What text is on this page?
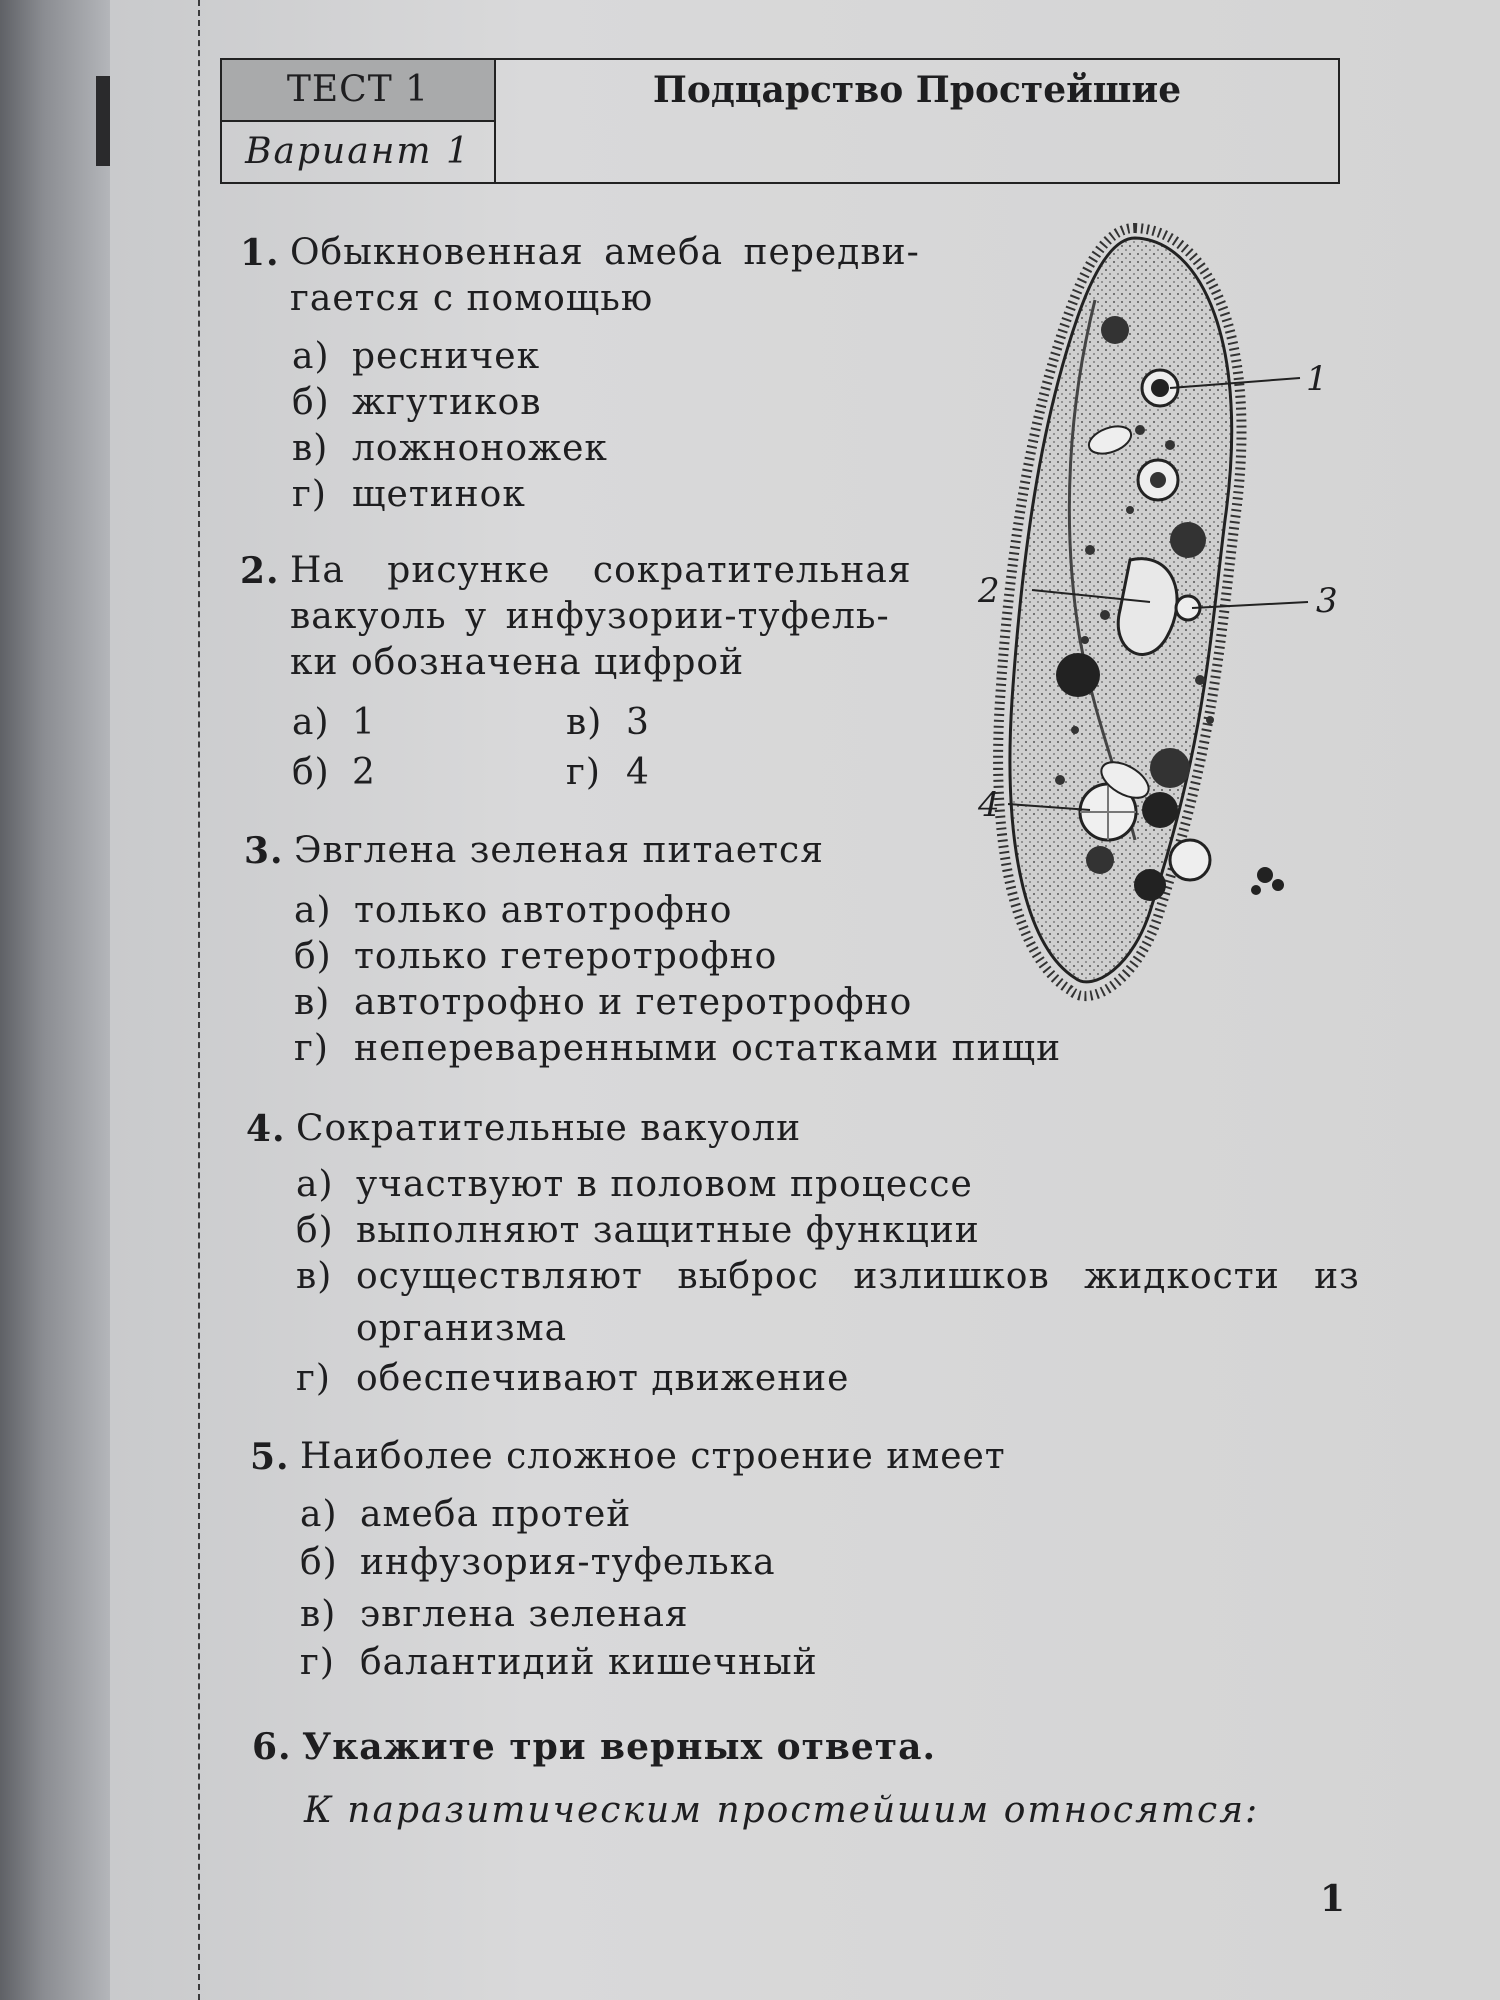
ТЕСТ 1
Вариант 1
Подцарство Простейшие
1. Обыкновенная амеба передви-
гается с помощью
а) ресничек
б) жгутиков
в) ложноножек
г) щетинок
2. На рисунке сократительная
вакуоль у инфузории-туфель-
ки обозначена цифрой
а) 1	в) 3
б) 2	г) 4
3. Эвглена зеленая питается
а) только автотрофно
б) только гетеротрофно
в) автотрофно и гетеротрофно
г) непереваренными остатками пищи
4. Сократительные вакуоли
а) участвуют в половом процессе
б) выполняют защитные функции
в) осуществляют выброс излишков жидкости из
организма
г) обеспечивают движение
5. Наиболее сложное строение имеет
а) амеба протей
б) инфузория-туфелька
в) эвглена зеленая
г) балантидий кишечный
6. Укажите три верных ответа.
К паразитическим простейшим относятся:
1
2	3
4
1
